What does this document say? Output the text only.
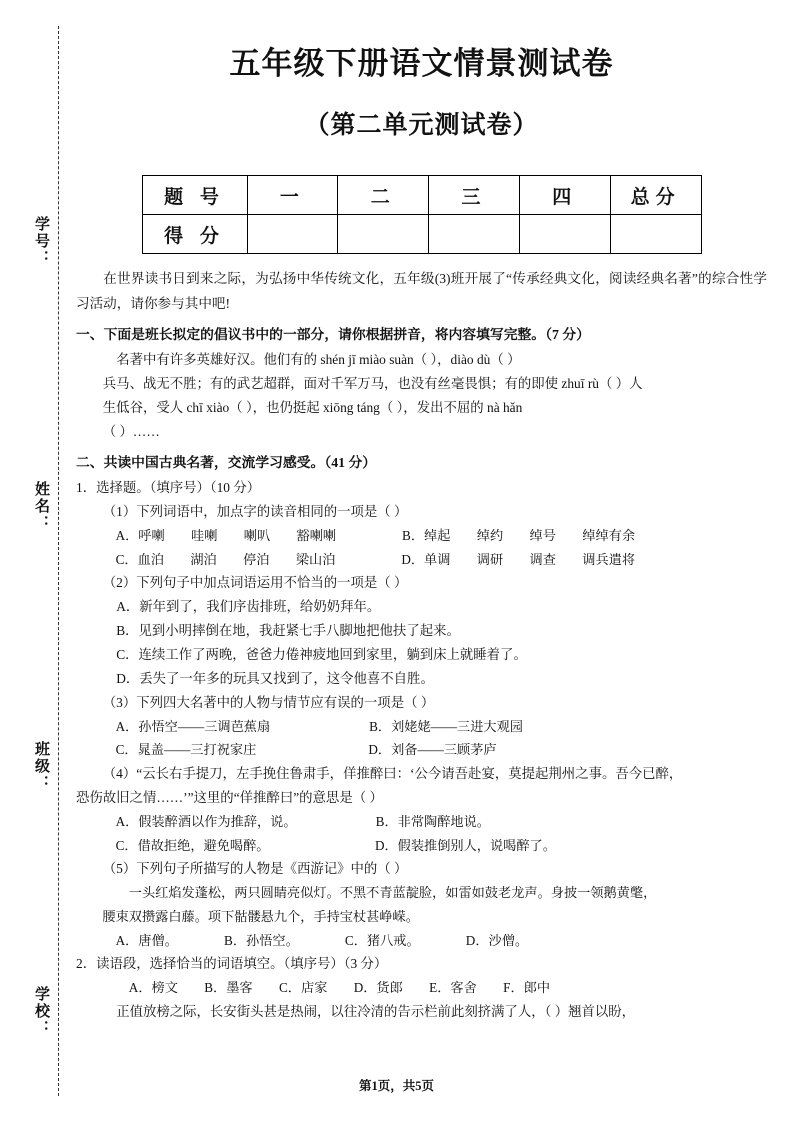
学号：
姓名：
班级：
学校：
五年级下册语文情景测试卷
（第二单元测试卷）
题 号	一	二	三	四	总分
得 分					
在世界读书日到来之际，为弘扬中华传统文化，五年级(3)班开展了“传承经典文化，阅读经典名著”的综合性学习活动，请你参与其中吧!
一、下面是班长拟定的倡议书中的一部分，请你根据拼音，将内容填写完整。（7 分）
名著中有许多英雄好汉。他们有的 shén jī miào suàn（ ），diào dù（ ）
兵马、战无不胜；有的武艺超群，面对千军万马，也没有丝毫畏惧；有的即使 zhuī rù（ ）人
生低谷，受人 chī xiào（ ），也仍挺起 xiōng táng（ ），发出不屈的 nà hǎn
（ ）……
二、共读中国古典名著，交流学习感受。（41 分）
1．选择题。（填序号）（10 分）
（1）下列词语中，加点字的读音相同的一项是（ ）
A．呼喇        哇喇        喇叭        豁喇喇                    B．绰起        绰约        绰号        绰绰有余
C．血泊        湖泊        停泊        梁山泊                    D．单调        调研        调查        调兵遣将
（2）下列句子中加点词语运用不恰当的一项是（ ）
A．新年到了，我们序齿排班，给奶奶拜年。
B．见到小明摔倒在地，我赶紧七手八脚地把他扶了起来。
C．连续工作了两晚，爸爸力倦神疲地回到家里，躺到床上就睡着了。
D．丢失了一年多的玩具又找到了，这令他喜不自胜。
（3）下列四大名著中的人物与情节应有误的一项是（ ）
A．孙悟空——三调芭蕉扇                              B．刘姥姥——三进大观园
C．晁盖——三打祝家庄                                  D．刘备——三顾茅庐
（4）“云长右手提刀，左手挽住鲁肃手，佯推醉曰：‘公今请吾赴宴，莫提起荆州之事。吾今已醉，
恐伤故旧之情……’”这里的“佯推醉曰”的意思是（ ）
A．假装醉酒以作为推辞，说。                        B．非常陶醉地说。
C．借故拒绝，避免喝醉。                                D．假装推倒别人，说喝醉了。
（5）下列句子所描写的人物是《西游记》中的（ ）
一头红焰发蓬松，两只圆睛亮似灯。不黑不青蓝靛脸，如雷如鼓老龙声。身披一领鹅黄氅，
腰束双攒露白藤。项下骷髅悬九个，手持宝杖甚峥嵘。
A．唐僧。              B．孙悟空。              C．猪八戒。              D．沙僧。
2．读语段，选择恰当的词语填空。（填序号）（3 分）
A．榜文        B．墨客        C．店家        D．货郎        E．客舍        F．郎中
正值放榜之际，长安街头甚是热闹，以往冷清的告示栏前此刻挤满了人，（ ）翘首以盼，
第1页，共5页
